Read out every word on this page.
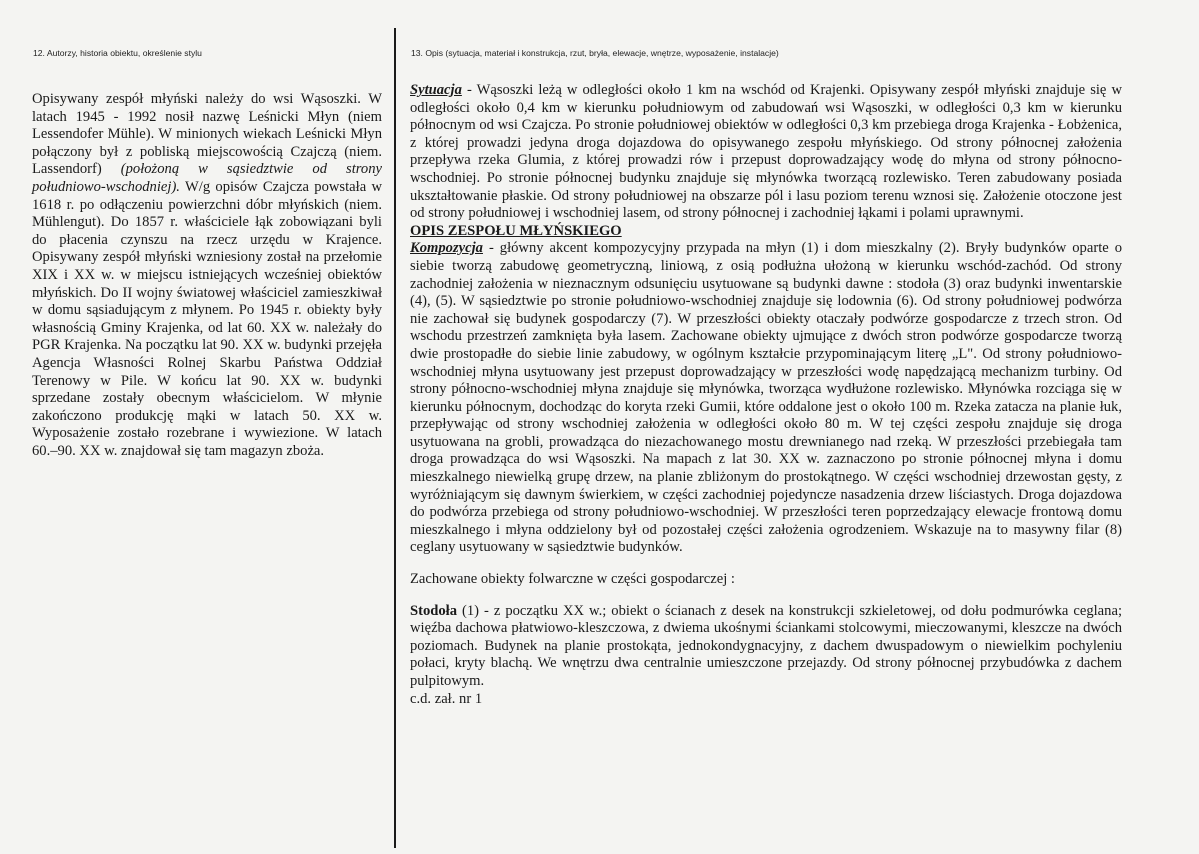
12. Autorzy, historia obiektu, określenie stylu
Opisywany zespół młyński należy do wsi Wąsoszki. W latach 1945 - 1992 nosił nazwę Leśnicki Młyn (niem Lessendofer Mühle). W minionych wiekach Leśnicki Młyn połączony był z pobliską miejscowością Czajczą (niem. Lassendorf) (położoną w sąsiedztwie od strony południowo-wschodniej). W/g opisów Czajcza powstała w 1618 r. po odłączeniu powierzchni dóbr młyńskich (niem. Mühlengut). Do 1857 r. właściciele łąk zobowiązani byli do płacenia czynszu na rzecz urzędu w Krajence. Opisywany zespół młyński wzniesiony został na przełomie XIX i XX w. w miejscu istniejących wcześniej obiektów młyńskich. Do II wojny światowej właściciel zamieszkiwał w domu sąsiadującym z młynem. Po 1945 r. obiekty były własnością Gminy Krajenka, od lat 60. XX w. należały do PGR Krajenka. Na początku lat 90. XX w. budynki przejęła Agencja Własności Rolnej Skarbu Państwa Oddział Terenowy w Pile. W końcu lat 90. XX w. budynki sprzedane zostały obecnym właścicielom. W młynie zakończono produkcję mąki w latach 50. XX w. Wyposażenie zostało rozebrane i wywiezione. W latach 60.–90. XX w. znajdował się tam magazyn zboża.
13. Opis (sytuacja, materiał i konstrukcja, rzut, bryła, elewacje, wnętrze, wyposażenie, instalacje)

Sytuacja - Wąsoszki leżą w odległości około 1 km na wschód od Krajenki. Opisywany zespół młyński znajduje się w odległości około 0,4 km w kierunku południowym od zabudowań wsi Wąsoszki, w odległości 0,3 km w kierunku północnym od wsi Czajcza. Po stronie południowej obiektów w odległości 0,3 km przebiega droga Krajenka - Łobżenica, z której prowadzi jedyna droga dojazdowa do opisywanego zespołu młyńskiego. Od strony północnej założenia przepływa rzeka Glumia, z której prowadzi rów i przepust doprowadzający wodę do młyna od strony północno-wschodniej. Po stronie północnej budynku znajduje się młynówka tworzącą rozlewisko. Teren zabudowany posiada ukształtowanie płaskie. Od strony południowej na obszarze pól i lasu poziom terenu wznosi się. Założenie otoczone jest od strony południowej i wschodniej lasem, od strony północnej i zachodniej łąkami i polami uprawnymi.

OPIS ZESPOŁU MŁYŃSKIEGO

Kompozycja - główny akcent kompozycyjny przypada na młyn (1) i dom mieszkalny (2). Bryły budynków oparte o siebie tworzą zabudowę geometryczną, liniową, z osią podłużna ułożoną w kierunku wschód-zachód. Od strony zachodniej założenia w nieznacznym odsunięciu usytuowane są budynki dawne : stodoła (3) oraz budynki inwentarskie (4), (5). W sąsiedztwie po stronie południowo-wschodniej znajduje się lodownia (6). Od strony południowej podwórza nie zachował się budynek gospodarczy (7). W przeszłości obiekty otaczały podwórze gospodarcze z trzech stron. Od wschodu przestrzeń zamknięta była lasem. Zachowane obiekty ujmujące z dwóch stron podwórze gospodarcze tworzą dwie prostopadłe do siebie linie zabudowy, w ogólnym kształcie przypominającym literę „L". Od strony południowo-wschodniej młyna usytuowany jest przepust doprowadzający w przeszłości wodę napędzającą mechanizm turbiny. Od strony północno-wschodniej młyna znajduje się młynówka, tworząca wydłużone rozlewisko. Młynówka rozciąga się w kierunku północnym, dochodząc do koryta rzeki Gumii, które oddalone jest o około 100 m. Rzeka zatacza na planie łuk, przepływając od strony wschodniej założenia w odległości około 80 m. W tej części zespołu znajduje się droga usytuowana na grobli, prowadząca do niezachowanego mostu drewnianego nad rzeką. W przeszłości przebiegała tam droga prowadząca do wsi Wąsoszki. Na mapach z lat 30. XX w. zaznaczono po stronie północnej młyna i domu mieszkalnego niewielką grupę drzew, na planie zbliżonym do prostokątnego. W części wschodniej drzewostan gęsty, z wyróżniającym się dawnym świerkiem, w części zachodniej pojedyncze nasadzenia drzew liściastych. Droga dojazdowa do podwórza przebiega od strony południowo-wschodniej. W przeszłości teren poprzedzający elewacje frontową domu mieszkalnego i młyna oddzielony był od pozostałej części założenia ogrodzeniem. Wskazuje na to masywny filar (8) ceglany usytuowany w sąsiedztwie budynków.

Zachowane obiekty folwarczne w części gospodarczej :

Stodoła (1) - z początku XX w.; obiekt o ścianach z desek na konstrukcji szkieletowej, od dołu podmurówka ceglana; więźba dachowa płatwiowo-kleszczowa, z dwiema ukośnymi ściankami stolcowymi, mieczowanymi, kleszcze na dwóch poziomach. Budynek na planie prostokąta, jednokondygnacyjny, z dachem dwuspadowym o niewielkim pochyleniu połaci, kryty blachą. We wnętrzu dwa centralnie umieszczone przejazdy. Od strony północnej przybudówka z dachem pulpitowym.

c.d. zał. nr 1
